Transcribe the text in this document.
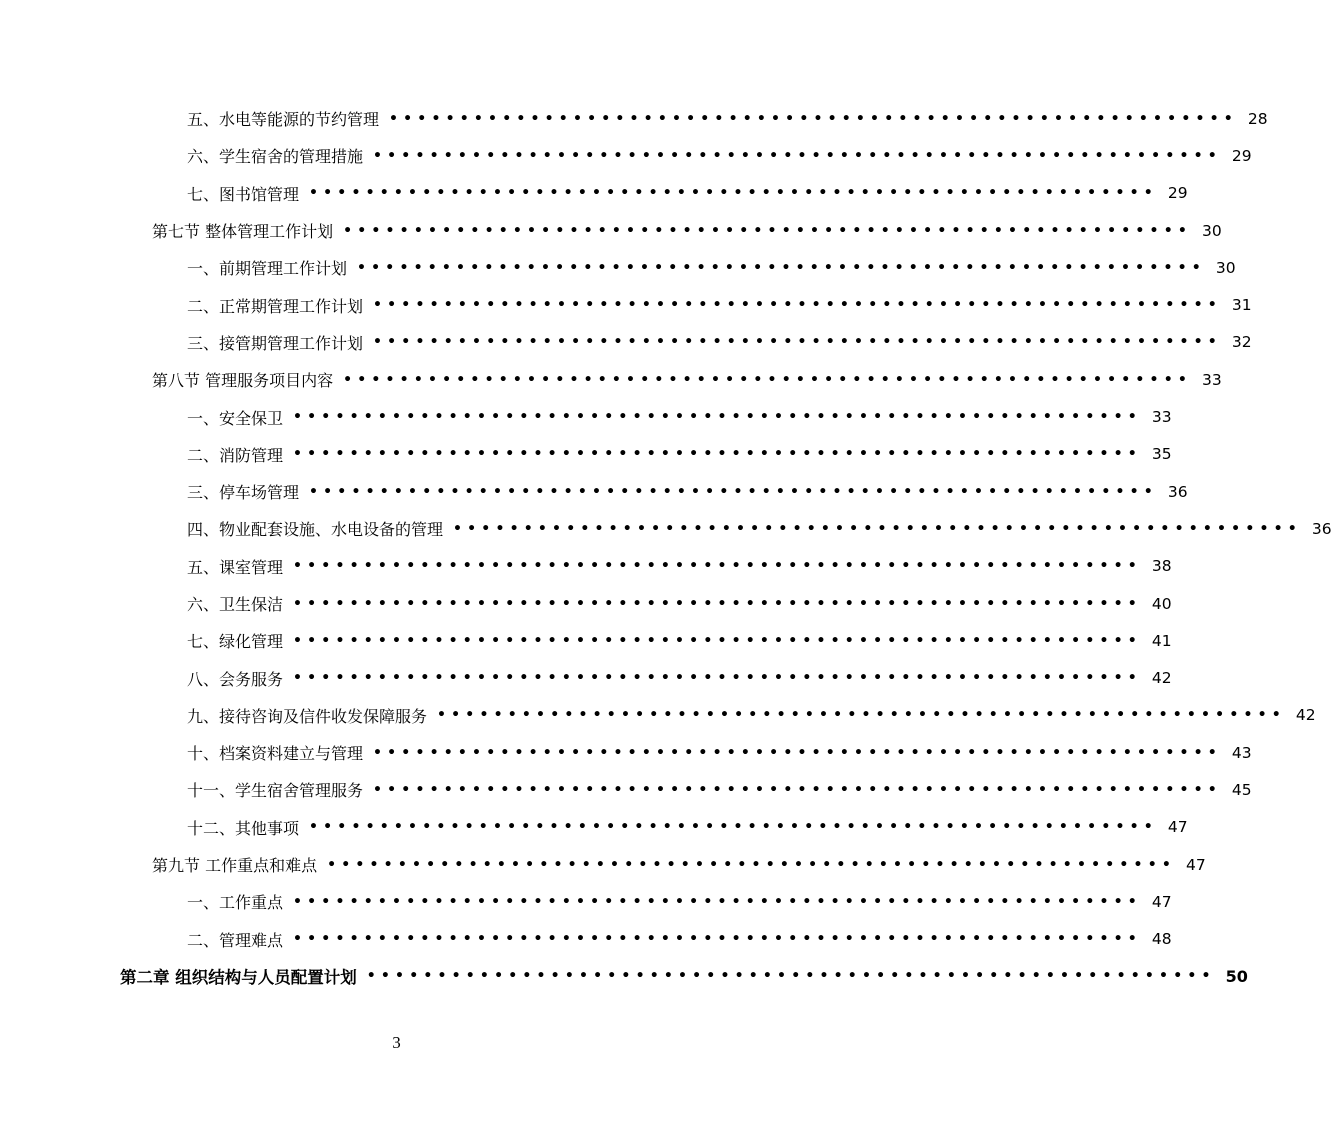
五、水电等能源的节约管理 •••••••••••••••••••••••••••••••••••••••••••••••••••••••••••• 28
六、学生宿舍的管理措施 •••••••••••••••••••••••••••••••••••••••••••••••••••••••••••• 29
七、图书馆管理 •••••••••••••••••••••••••••••••••••••••••••••••••••••••••••• 29
第七节 整体管理工作计划 •••••••••••••••••••••••••••••••••••••••••••••••••••••••••••• 30
一、前期管理工作计划 •••••••••••••••••••••••••••••••••••••••••••••••••••••••••••• 30
二、正常期管理工作计划 •••••••••••••••••••••••••••••••••••••••••••••••••••••••••••• 31
三、接管期管理工作计划 •••••••••••••••••••••••••••••••••••••••••••••••••••••••••••• 32
第八节 管理服务项目内容 •••••••••••••••••••••••••••••••••••••••••••••••••••••••••••• 33
一、安全保卫 •••••••••••••••••••••••••••••••••••••••••••••••••••••••••••• 33
二、消防管理 •••••••••••••••••••••••••••••••••••••••••••••••••••••••••••• 35
三、停车场管理 •••••••••••••••••••••••••••••••••••••••••••••••••••••••••••• 36
四、物业配套设施、水电设备的管理 •••••••••••••••••••••••••••••••••••••••••••••••••••••••••••• 36
五、课室管理 •••••••••••••••••••••••••••••••••••••••••••••••••••••••••••• 38
六、卫生保洁 •••••••••••••••••••••••••••••••••••••••••••••••••••••••••••• 40
七、绿化管理 •••••••••••••••••••••••••••••••••••••••••••••••••••••••••••• 41
八、会务服务 •••••••••••••••••••••••••••••••••••••••••••••••••••••••••••• 42
九、接待咨询及信件收发保障服务 •••••••••••••••••••••••••••••••••••••••••••••••••••••••••••• 42
十、档案资料建立与管理 •••••••••••••••••••••••••••••••••••••••••••••••••••••••••••• 43
十一、学生宿舍管理服务 •••••••••••••••••••••••••••••••••••••••••••••••••••••••••••• 45
十二、其他事项 •••••••••••••••••••••••••••••••••••••••••••••••••••••••••••• 47
第九节 工作重点和难点 •••••••••••••••••••••••••••••••••••••••••••••••••••••••••••• 47
一、工作重点 •••••••••••••••••••••••••••••••••••••••••••••••••••••••••••• 47
二、管理难点 •••••••••••••••••••••••••••••••••••••••••••••••••••••••••••• 48
第二章 组织结构与人员配置计划 •••••••••••••••••••••••••••••••••••••••••••••••••••••••••••• 50
3
